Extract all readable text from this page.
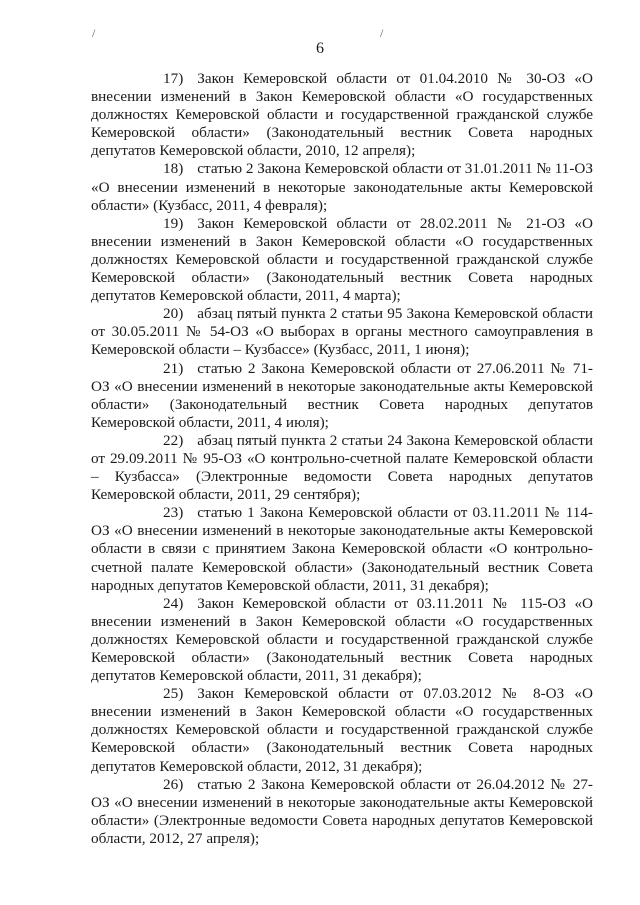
/	/
6

17) Закон Кемеровской области от 01.04.2010 № 30-ОЗ «О внесении изменений в Закон Кемеровской области «О государственных должностях Кемеровской области и государственной гражданской службе Кемеровской области» (Законодательный вестник Совета народных депутатов Кемеровской области, 2010, 12 апреля);

18) статью 2 Закона Кемеровской области от 31.01.2011 № 11-ОЗ «О внесении изменений в некоторые законодательные акты Кемеровской области» (Кузбасс, 2011, 4 февраля);

19) Закон Кемеровской области от 28.02.2011 № 21-ОЗ «О внесении изменений в Закон Кемеровской области «О государственных должностях Кемеровской области и государственной гражданской службе Кемеровской области» (Законодательный вестник Совета народных депутатов Кемеровской области, 2011, 4 марта);

20) абзац пятый пункта 2 статьи 95 Закона Кемеровской области от 30.05.2011 № 54-ОЗ «О выборах в органы местного самоуправления в Кемеровской области – Кузбассе» (Кузбасс, 2011, 1 июня);

21) статью 2 Закона Кемеровской области от 27.06.2011 № 71-ОЗ «О внесении изменений в некоторые законодательные акты Кемеровской области» (Законодательный вестник Совета народных депутатов Кемеровской области, 2011, 4 июля);

22) абзац пятый пункта 2 статьи 24 Закона Кемеровской области от 29.09.2011 № 95-ОЗ «О контрольно-счетной палате Кемеровской области – Кузбасса» (Электронные ведомости Совета народных депутатов Кемеровской области, 2011, 29 сентября);

23) статью 1 Закона Кемеровской области от 03.11.2011 № 114-ОЗ «О внесении изменений в некоторые законодательные акты Кемеровской области в связи с принятием Закона Кемеровской области «О контрольно-счетной палате Кемеровской области» (Законодательный вестник Совета народных депутатов Кемеровской области, 2011, 31 декабря);

24) Закон Кемеровской области от 03.11.2011 № 115-ОЗ «О внесении изменений в Закон Кемеровской области «О государственных должностях Кемеровской области и государственной гражданской службе Кемеровской области» (Законодательный вестник Совета народных депутатов Кемеровской области, 2011, 31 декабря);

25) Закон Кемеровской области от 07.03.2012 № 8-ОЗ «О внесении изменений в Закон Кемеровской области «О государственных должностях Кемеровской области и государственной гражданской службе Кемеровской области» (Законодательный вестник Совета народных депутатов Кемеровской области, 2012, 31 декабря);

26) статью 2 Закона Кемеровской области от 26.04.2012 № 27-ОЗ «О внесении изменений в некоторые законодательные акты Кемеровской области» (Электронные ведомости Совета народных депутатов Кемеровской области, 2012, 27 апреля);
